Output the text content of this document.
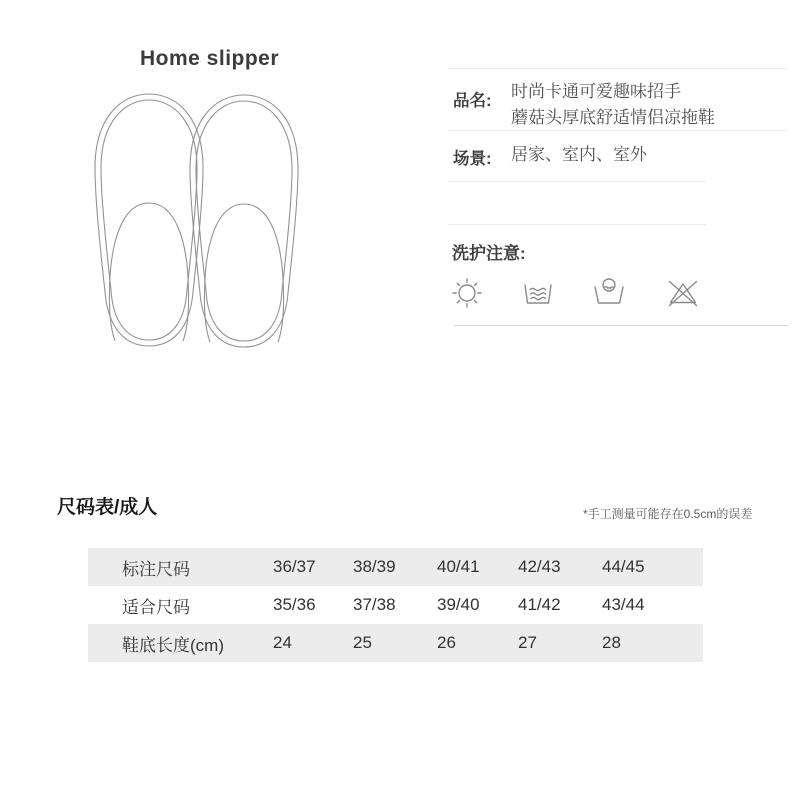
Home slipper
品名: 时尚卡通可爱趣味招手
蘑菇头厚底舒适情侣凉拖鞋
场景: 居家、室内、室外
洗护注意:
尺码表/成人	*手工测量可能存在0.5cm的误差
标注尺码	36/37	38/39	40/41	42/43	44/45
适合尺码	35/36	37/38	39/40	41/42	43/44
鞋底长度(cm)	24	25	26	27	28
